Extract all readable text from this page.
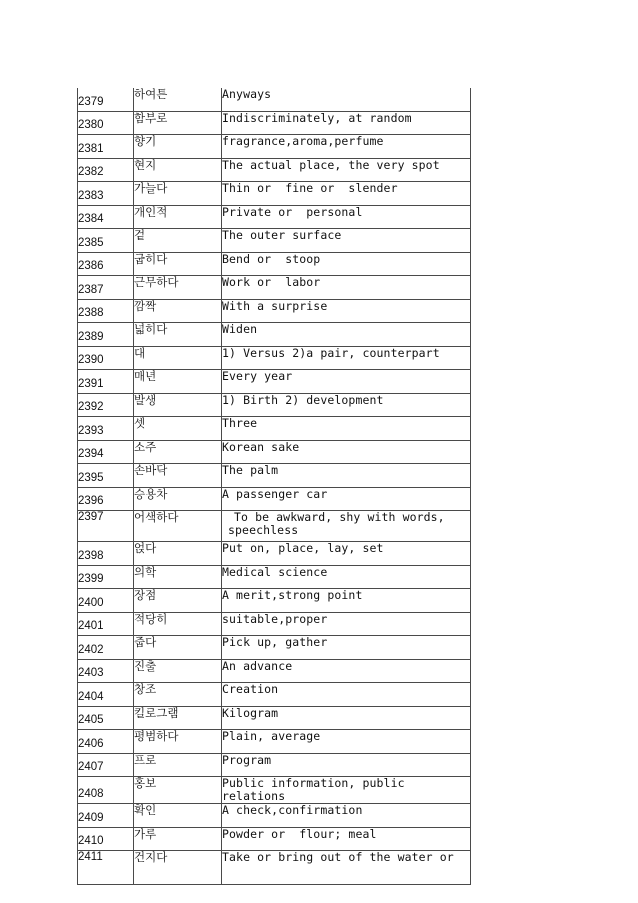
2379	하여튼	Anyways
2380	함부로	Indiscriminately, at random
2381	향기	fragrance,aroma,perfume
2382	현지	The actual place, the very spot
2383	가늘다	Thin or  fine or  slender
2384	개인적	Private or  personal
2385	겉	The outer surface
2386	굽히다	Bend or  stoop
2387	근무하다	Work or  labor
2388	깜짝	With a surprise
2389	넓히다	Widen
2390	대	1) Versus 2)a pair, counterpart
2391	매년	Every year
2392	발생	1) Birth 2) development
2393	셋	Three
2394	소주	Korean sake
2395	손바닥	The palm
2396	승용차	A passenger car
2397	어색하다	To be awkward, shy with words, speechless
2398	얹다	Put on, place, lay, set
2399	의학	Medical science
2400	장점	A merit,strong point
2401	적당히	suitable,proper
2402	줍다	Pick up, gather
2403	진출	An advance
2404	창조	Creation
2405	킬로그램	Kilogram
2406	평범하다	Plain, average
2407	프로	Program
2408	홍보	Public information, public relations
2409	확인	A check,confirmation
2410	가루	Powder or  flour; meal
2411	건지다	Take or bring out of the water or
